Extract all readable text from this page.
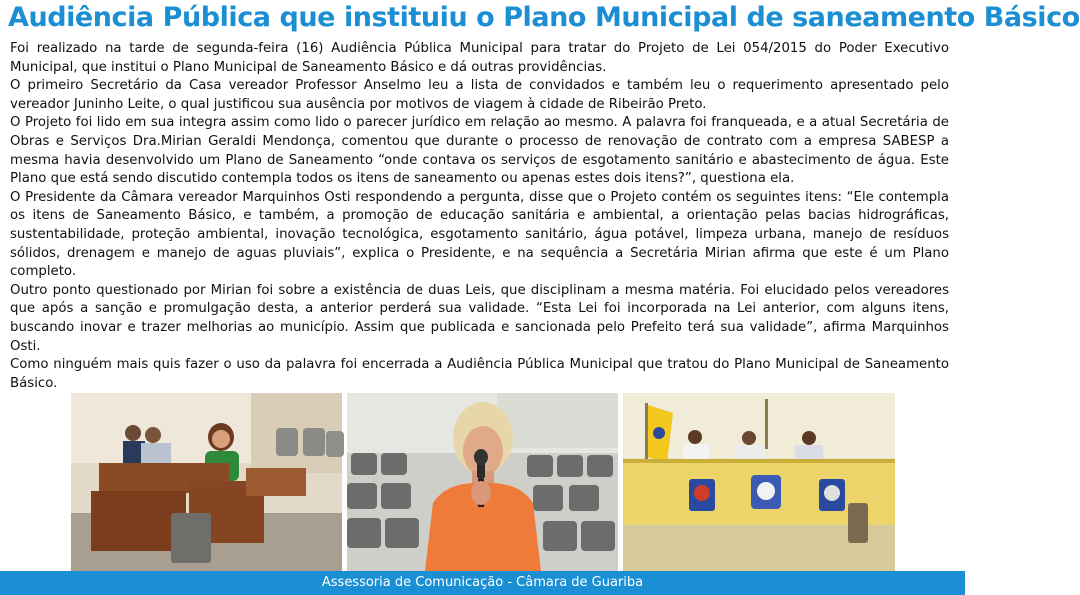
Audiência Pública que instituiu o Plano Municipal de saneamento Básico

Foi realizado na tarde de segunda-feira (16) Audiência Pública Municipal para tratar do Projeto de Lei 054/2015 do Poder Executivo Municipal, que institui o Plano Municipal de Saneamento Básico e dá outras providências.

O primeiro Secretário da Casa vereador Professor Anselmo leu a lista de convidados e também leu o requerimento apresentado pelo vereador Juninho Leite, o qual justificou sua ausência por motivos de viagem à cidade de Ribeirão Preto.

O Projeto foi lido em sua integra assim como lido o parecer jurídico em relação ao mesmo. A palavra foi franqueada, e a atual Secretária de Obras e Serviços Dra.Mirian Geraldi Mendonça, comentou que durante o processo de renovação de contrato com a empresa SABESP a mesma havia desenvolvido um Plano de Saneamento “onde contava os serviços de esgotamento sanitário e abastecimento de água. Este Plano que está sendo discutido contempla todos os itens de saneamento ou apenas estes dois itens?”, questiona ela.

O Presidente da Câmara vereador Marquinhos Osti respondendo a pergunta, disse que o Projeto contém os seguintes itens: “Ele contempla os itens de Saneamento Básico, e também, a promoção de educação sanitária e ambiental, a orientação pelas bacias hidrográficas, sustentabilidade, proteção ambiental, inovação tecnológica, esgotamento sanitário, água potável, limpeza urbana, manejo de resíduos sólidos, drenagem e manejo de aguas pluviais”, explica o Presidente, e na sequência a Secretária Mirian afirma que este é um Plano completo.

Outro ponto questionado por Mirian foi sobre a existência de duas Leis, que disciplinam a mesma matéria. Foi elucidado pelos vereadores que após a sanção e promulgação desta, a anterior perderá sua validade. “Esta Lei foi incorporada na Lei anterior, com alguns itens, buscando inovar e trazer melhorias ao município. Assim que publicada e sancionada pelo Prefeito terá sua validade”, afirma Marquinhos Osti.

Como ninguém mais quis fazer o uso da palavra foi encerrada a Audiência Pública Municipal que tratou do Plano Municipal de Saneamento Básico.

Assessoria de Comunicação - Câmara de Guariba
